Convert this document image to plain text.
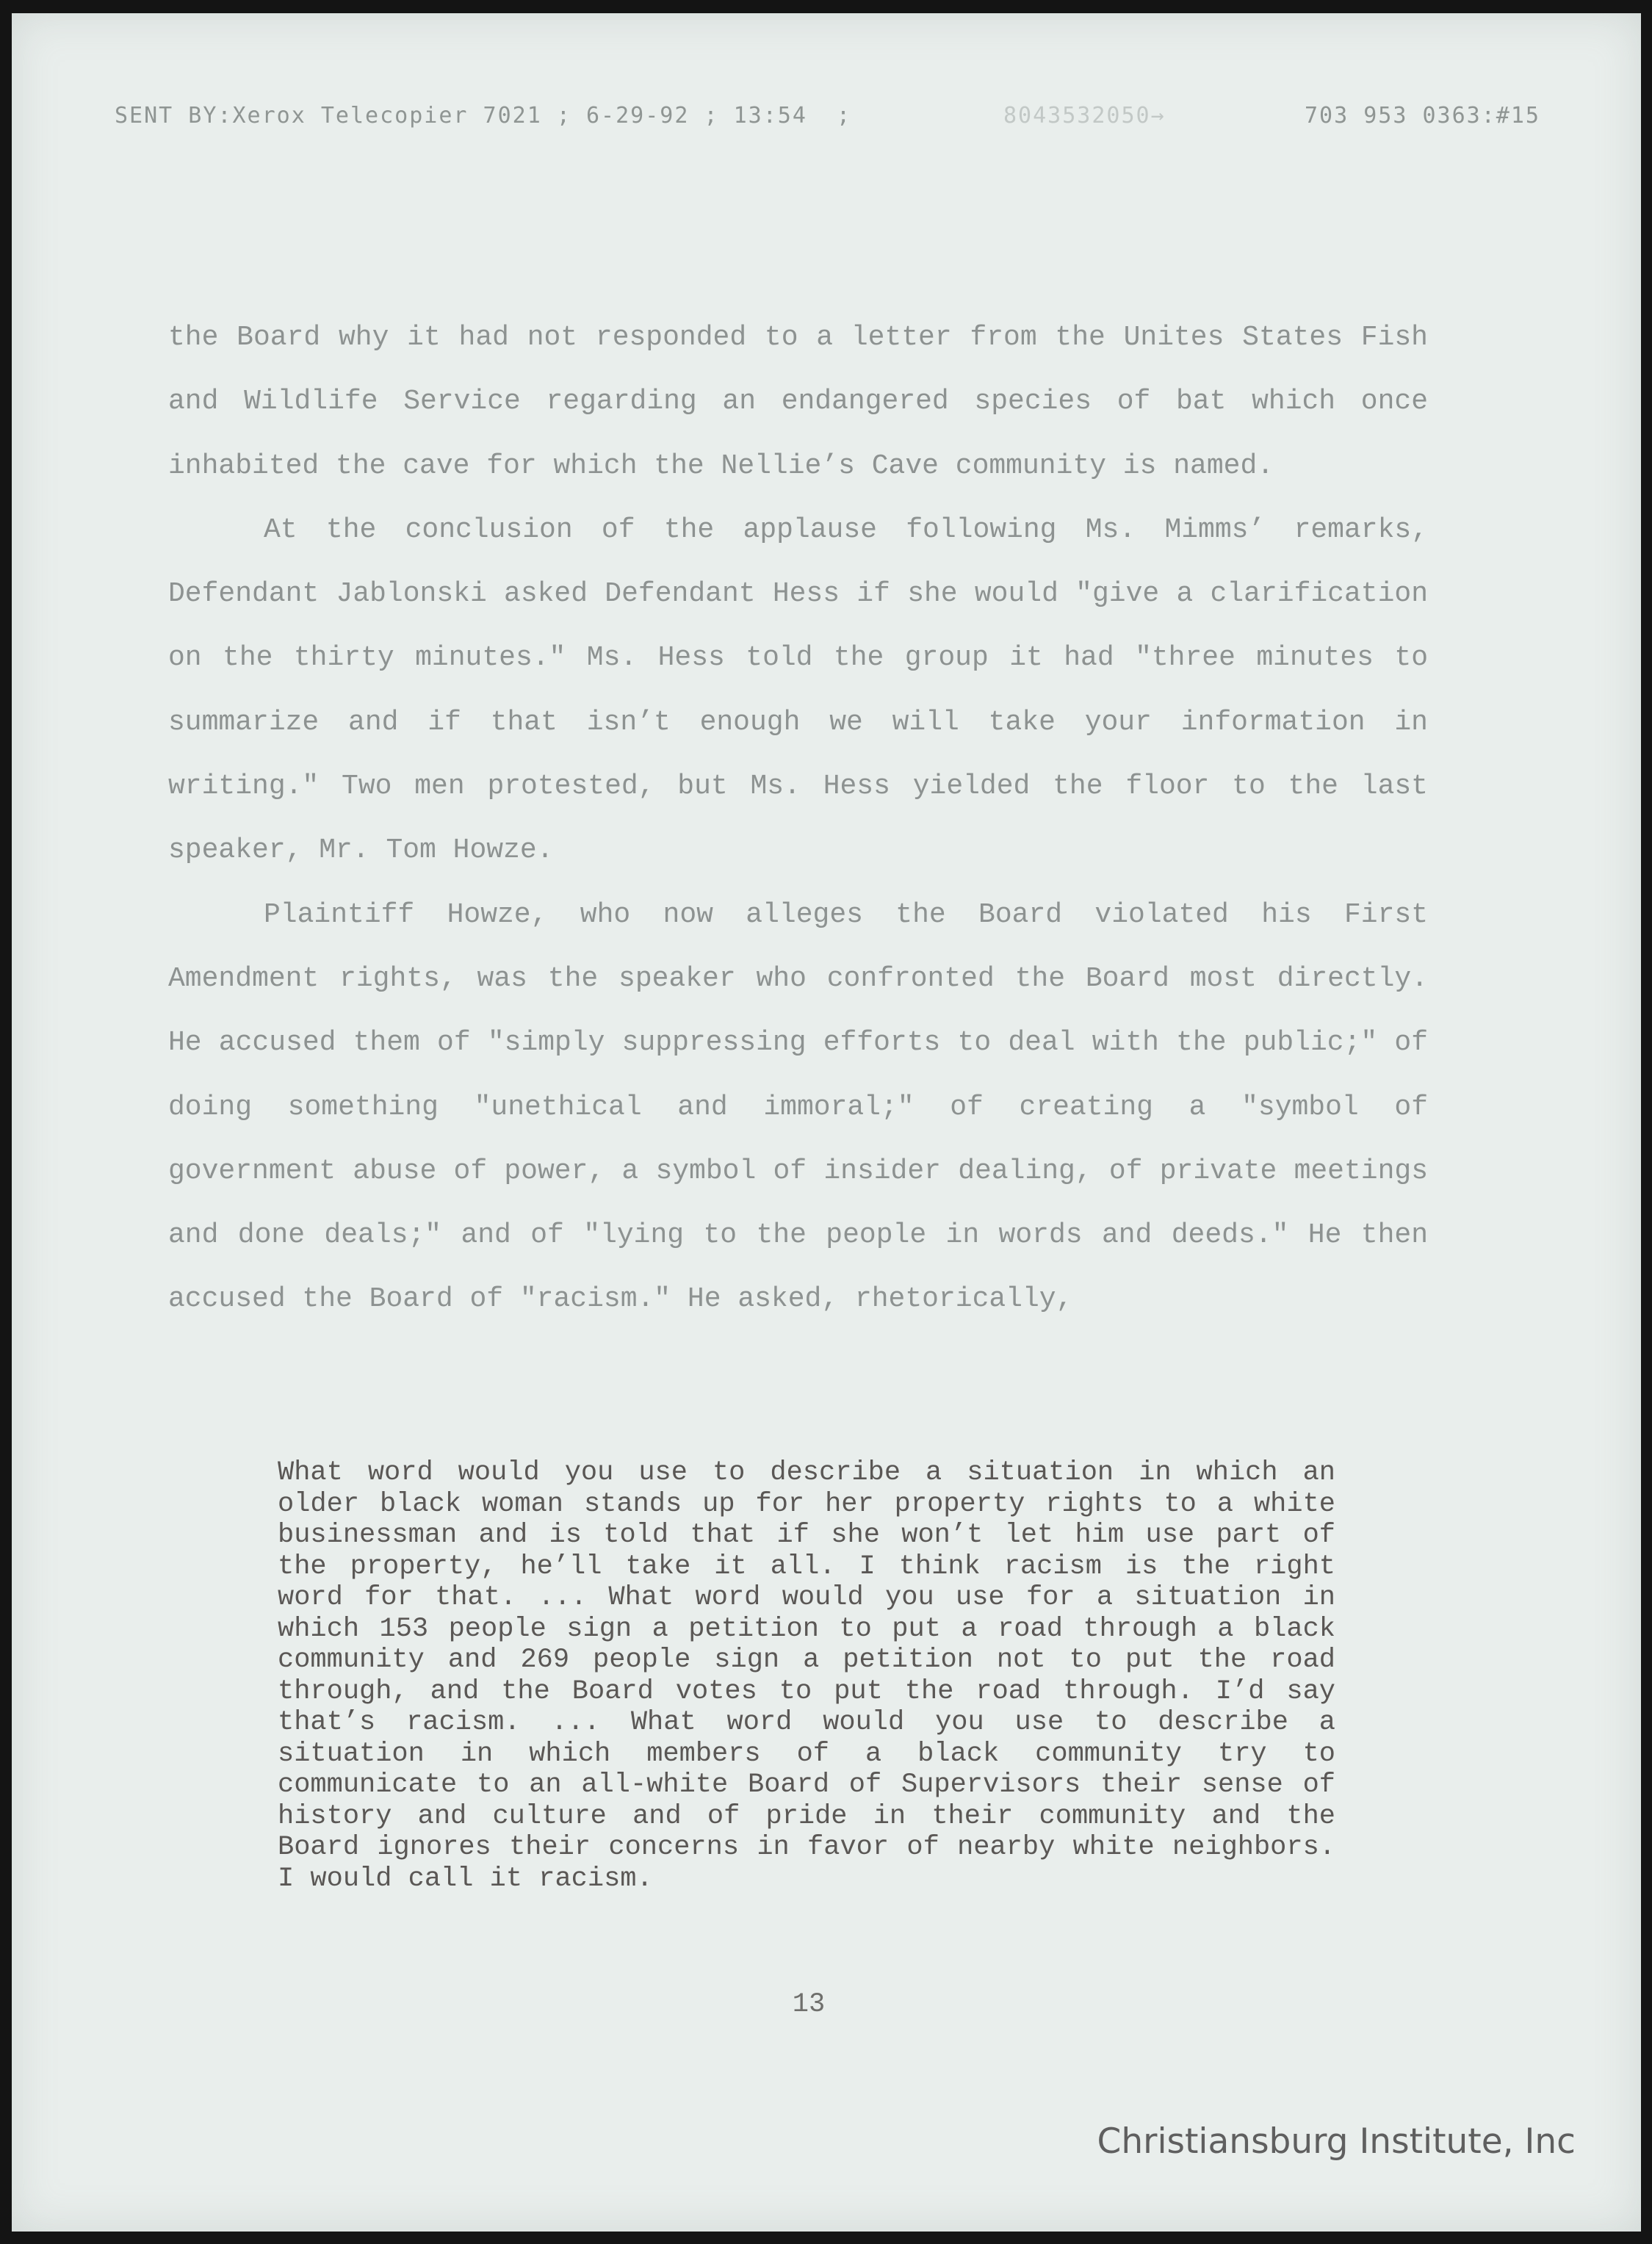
SENT BY:Xerox Telecopier 7021 ; 6-29-92 ; 13:54  ;

	8043532050→

	703 953 0363:#15

the Board why it had not responded to a letter from the Unites States Fish and Wildlife Service regarding an endangered species of bat which once inhabited the cave for which the Nellie’s Cave community is named.

At the conclusion of the applause following Ms. Mimms’ remarks, Defendant Jablonski asked Defendant Hess if she would "give a clarification on the thirty minutes." Ms. Hess told the group it had "three minutes to summarize and if that isn’t enough we will take your information in writing." Two men protested, but Ms. Hess yielded the floor to the last speaker, Mr. Tom Howze.

Plaintiff Howze, who now alleges the Board violated his First Amendment rights, was the speaker who confronted the Board most directly. He accused them of "simply suppressing efforts to deal with the public;" of doing something "unethical and immoral;" of creating a "symbol of government abuse of power, a symbol of insider dealing, of private meetings and done deals;" and of "lying to the people in words and deeds." He then accused the Board of "racism." He asked, rhetorically,

What word would you use to describe a situation in which an older black woman stands up for her property rights to a white businessman and is told that if she won’t let him use part of the property, he’ll take it all. I think racism is the right word for that. ... What word would you use for a situation in which 153 people sign a petition to put a road through a black community and 269 people sign a petition not to put the road through, and the Board votes to put the road through. I’d say that’s racism. ... What word would you use to describe a situation in which members of a black community try to communicate to an all-white Board of Supervisors their sense of history and culture and of pride in their community and the Board ignores their concerns in favor of nearby white neighbors. I would call it racism.

13
Christiansburg Institute, Inc
